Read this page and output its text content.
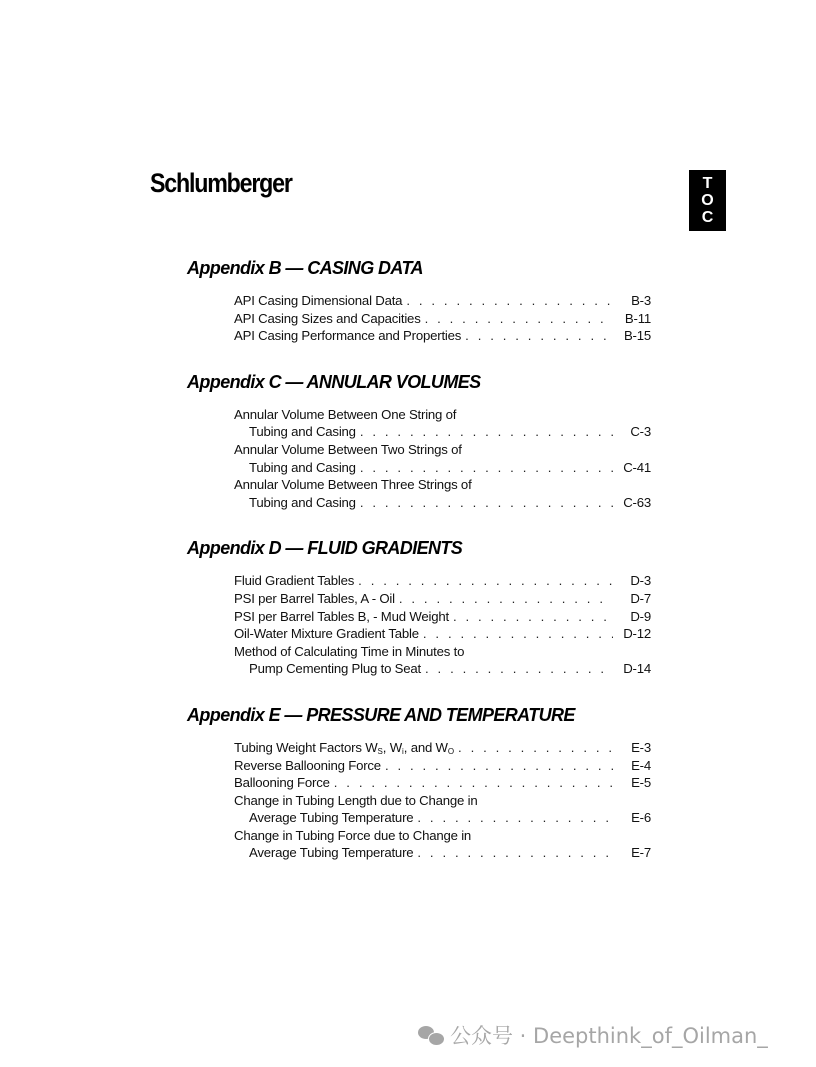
Schlumberger	T
O
C
Appendix B — CASING DATA
API Casing Dimensional Data . . .	B-3
API Casing Sizes and Capacities . . .	B-11
API Casing Performance and Properties . . .	B-15
Appendix C — ANNULAR VOLUMES
Annular Volume Between One String of
Tubing and Casing . . .	C-3
Annular Volume Between Two Strings of
Tubing and Casing . . .	C-41
Annular Volume Between Three Strings of
Tubing and Casing . . .	C-63
Appendix D — FLUID GRADIENTS
Fluid Gradient Tables . . .	D-3
PSI per Barrel Tables, A - Oil . . .	D-7
PSI per Barrel Tables B, - Mud Weight . . .	D-9
Oil-Water Mixture Gradient Table . . .	D-12
Method of Calculating Time in Minutes to
Pump Cementing Plug to Seat . . .	D-14
Appendix E — PRESSURE AND TEMPERATURE
Tubing Weight Factors $W_S$, $W_i$, and $W_O$ . . .	E-3
Reverse Ballooning Force . . .	E-4
Ballooning Force . . .	E-5
Change in Tubing Length due to Change in
Average Tubing Temperature . . .	E-6
Change in Tubing Force due to Change in
Average Tubing Temperature . . .	E-7
公众号 · Deepthink_of_Oilman_
